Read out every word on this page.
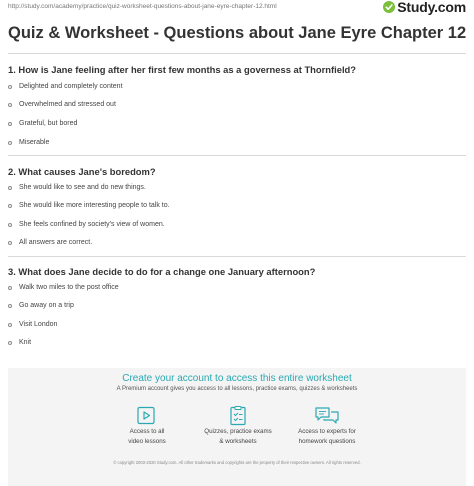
http://study.com/academy/practice/quiz-worksheet-questions-about-jane-eyre-chapter-12.html	Study.com
Quiz & Worksheet - Questions about Jane Eyre Chapter 12
1. How is Jane feeling after her first few months as a governess at Thornfield?
Delighted and completely content
Overwhelmed and stressed out
Grateful, but bored
Miserable
2. What causes Jane's boredom?
She would like to see and do new things.
She would like more interesting people to talk to.
She feels confined by society's view of women.
All answers are correct.
3. What does Jane decide to do for a change one January afternoon?
Walk two miles to the post office
Go away on a trip
Visit London
Knit
Create your account to access this entire worksheet
A Premium account gives you access to all lessons, practice exams, quizzes & worksheets
Access to all
video lessons
Quizzes, practice exams
& worksheets
Access to experts for
homework questions
© copyright 2003-2020 Study.com. All other trademarks and copyrights are the property of their respective owners. All rights reserved.
